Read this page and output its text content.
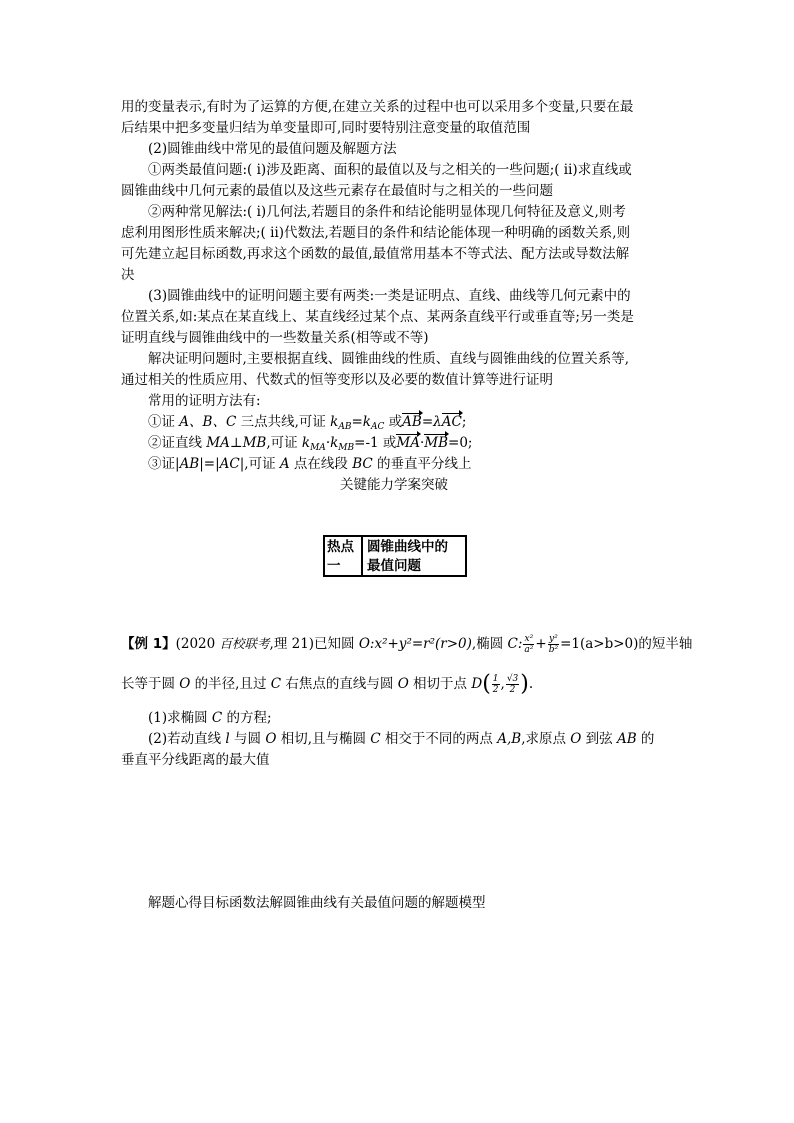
用的变量表示,有时为了运算的方便,在建立关系的过程中也可以采用多个变量,只要在最
后结果中把多变量归结为单变量即可,同时要特别注意变量的取值范围
(2)圆锥曲线中常见的最值问题及解题方法
①两类最值问题:( ⅰ)涉及距离、面积的最值以及与之相关的一些问题;( ⅱ)求直线或
圆锥曲线中几何元素的最值以及这些元素存在最值时与之相关的一些问题
②两种常见解法:( ⅰ)几何法,若题目的条件和结论能明显体现几何特征及意义,则考
虑利用图形性质来解决;( ⅱ)代数法,若题目的条件和结论能体现一种明确的函数关系,则
可先建立起目标函数,再求这个函数的最值,最值常用基本不等式法、配方法或导数法解
决
(3)圆锥曲线中的证明问题主要有两类:一类是证明点、直线、曲线等几何元素中的
位置关系,如:某点在某直线上、某直线经过某个点、某两条直线平行或垂直等;另一类是
证明直线与圆锥曲线中的一些数量关系(相等或不等)
解决证明问题时,主要根据直线、圆锥曲线的性质、直线与圆锥曲线的位置关系等,
通过相关的性质应用、代数式的恒等变形以及必要的数值计算等进行证明
常用的证明方法有:
①证 A、B、C 三点共线,可证 $k_{AB}=k_{AC}$ 或AB=λAC;
②证直线 MA⊥MB,可证 $k_{MA}\cdot k_{MB}=-1$ 或MA·MB=0;
③证|AB|=|AC|,可证 A 点在线段 BC 的垂直平分线上
关键能力学案突破
热点
一
圆锥曲线中的
最值问题
【例 1】(2020 百校联考,理 21)已知圆 O:x²+y²=r²(r>0),椭圆 C: $\frac{\text{x²}}{\text{a²}} + \frac{\text{y²}}{\text{b²}} =1(a>b>0)$的短半轴
长等于圆 O 的半径,且过 C 右焦点的直线与圆 O 相切于点 $D( \frac{1}{2}$ , $\frac{√3}{2}$ ).
(1)求椭圆 C 的方程;
(2)若动直线 l 与圆 O 相切,且与椭圆 C 相交于不同的两点 A,B,求原点 O 到弦 AB 的
垂直平分线距离的最大值
解题心得目标函数法解圆锥曲线有关最值问题的解题模型
